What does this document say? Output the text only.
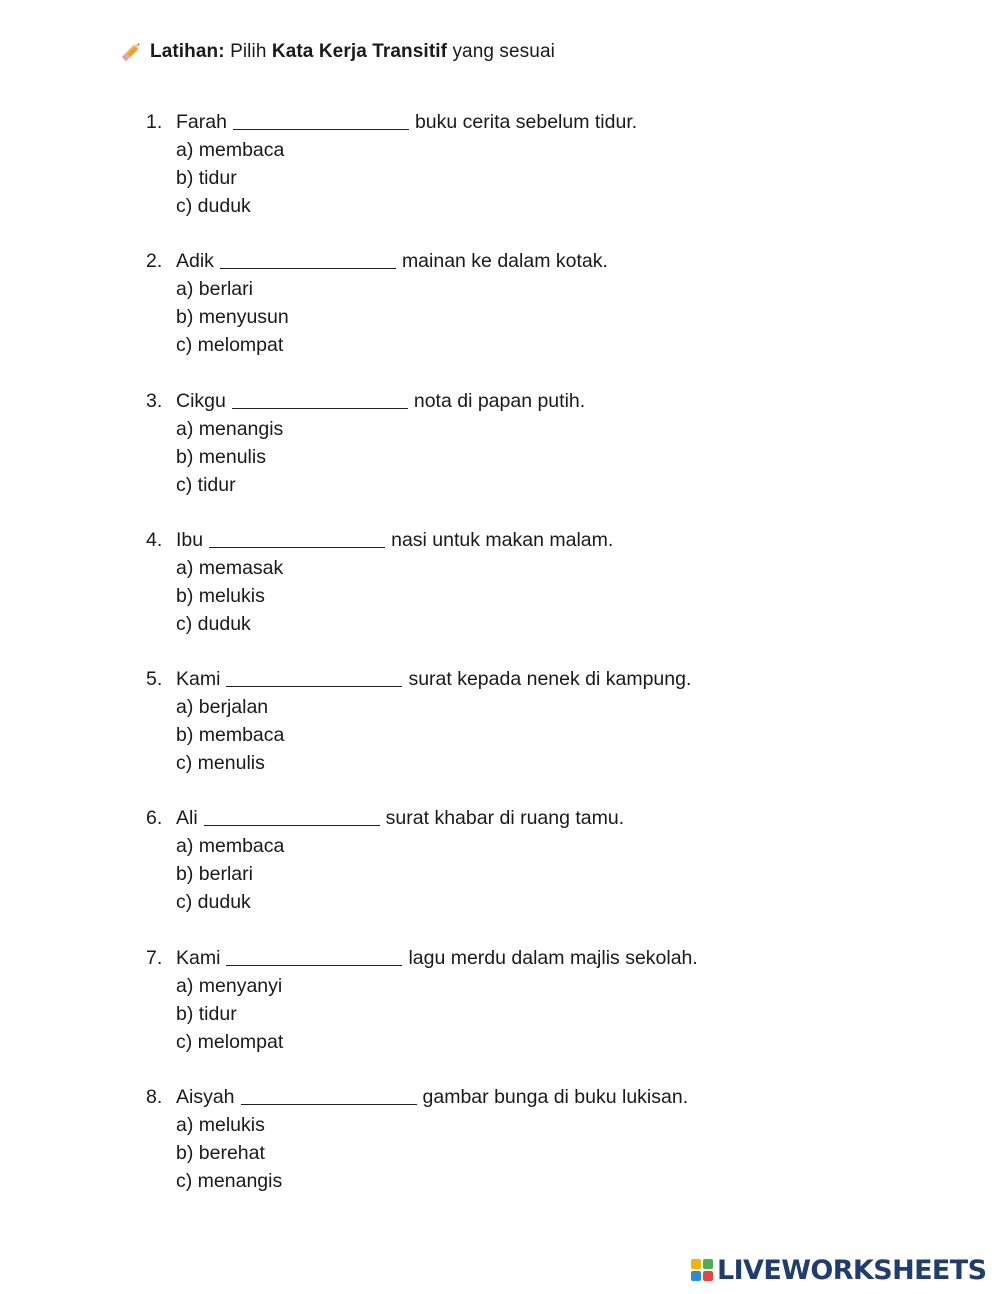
Latihan:
Pilih
Kata Kerja Transitif
yang sesuai
1. Farah	buku cerita sebelum tidur.
a) membaca
b) tidur
c) duduk
2. Adik	mainan ke dalam kotak.
a) berlari
b) menyusun
c) melompat
3. Cikgu	nota di papan putih.
a) menangis
b) menulis
c) tidur
4. Ibu	nasi untuk makan malam.
a) memasak
b) melukis
c) duduk
5. Kami	surat kepada nenek di kampung.
a) berjalan
b) membaca
c) menulis
6. Ali	surat khabar di ruang tamu.
a) membaca
b) berlari
c) duduk
7. Kami	lagu merdu dalam majlis sekolah.
a) menyanyi
b) tidur
c) melompat
8. Aisyah	gambar bunga di buku lukisan.
a) melukis
b) berehat
c) menangis
LIVEWORKSHEETS
